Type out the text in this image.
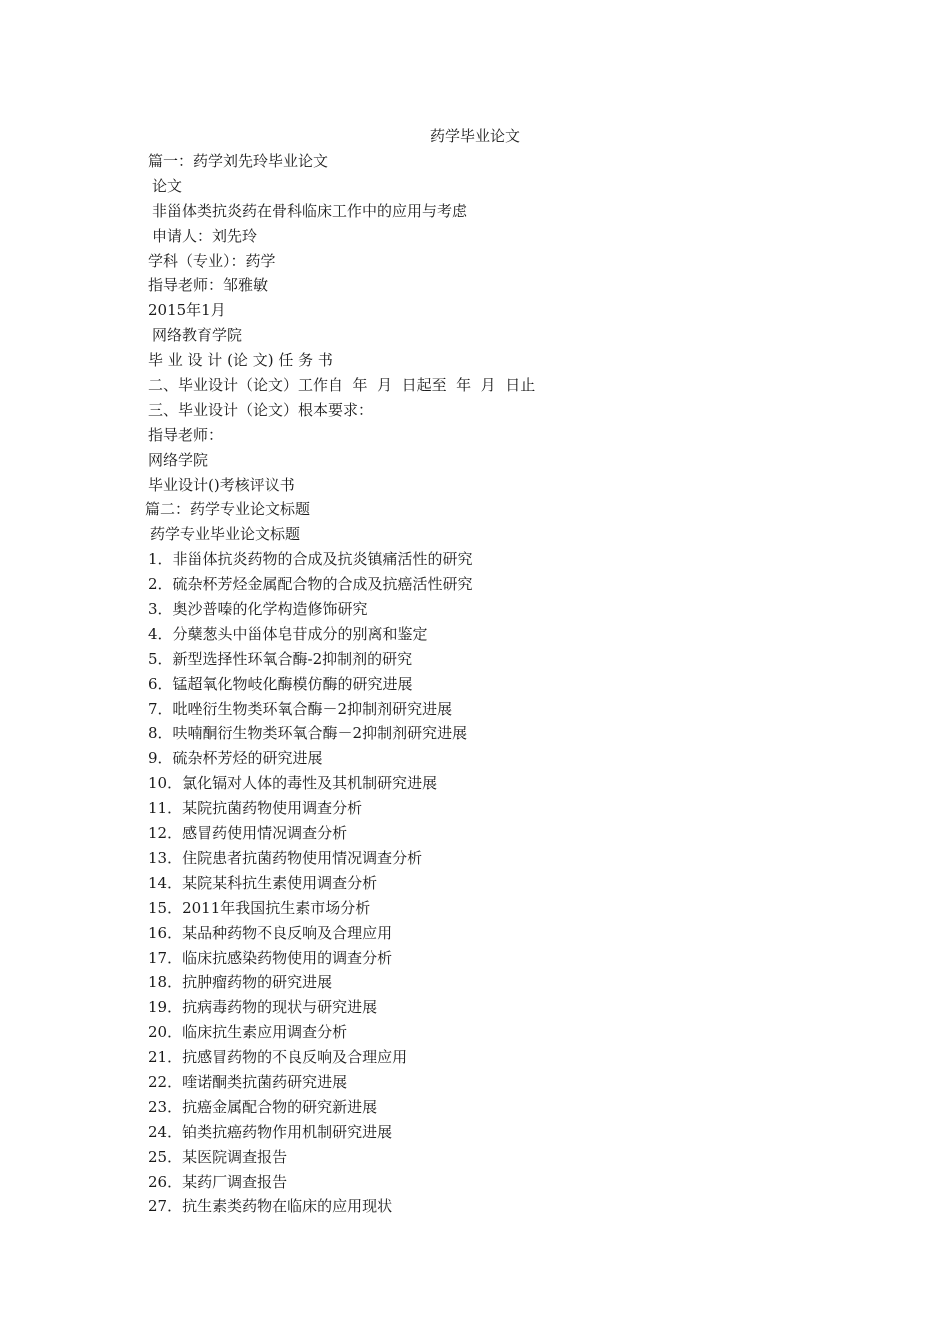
药学毕业论文
篇一：药学刘先玲毕业论文
论文
非甾体类抗炎药在骨科临床工作中的应用与考虑
申请人：刘先玲
学科（专业）：药学
指导老师：邹雅敏
2015年1月
网络教育学院
毕 业 设 计 (论 文) 任 务 书
二、毕业设计（论文）工作自  年  月  日起至  年  月  日止
三、毕业设计（论文）根本要求：
指导老师：
网络学院
毕业设计()考核评议书
篇二：药学专业论文标题
药学专业毕业论文标题
1．非甾体抗炎药物的合成及抗炎镇痛活性的研究
2．硫杂杯芳烃金属配合物的合成及抗癌活性研究
3．奥沙普嗪的化学构造修饰研究
4．分蘖葱头中甾体皂苷成分的别离和鉴定
5．新型选择性环氧合酶-2抑制剂的研究
6．锰超氧化物岐化酶模仿酶的研究进展
7．吡唑衍生物类环氧合酶－2抑制剂研究进展
8．呋喃酮衍生物类环氧合酶－2抑制剂研究进展
9．硫杂杯芳烃的研究进展
10．氯化镉对人体的毒性及其机制研究进展
11．某院抗菌药物使用调查分析
12．感冒药使用情况调查分析
13．住院患者抗菌药物使用情况调查分析
14．某院某科抗生素使用调查分析
15．2011年我国抗生素市场分析
16．某品种药物不良反响及合理应用
17．临床抗感染药物使用的调查分析
18．抗肿瘤药物的研究进展
19．抗病毒药物的现状与研究进展
20．临床抗生素应用调查分析
21．抗感冒药物的不良反响及合理应用
22．喹诺酮类抗菌药研究进展
23．抗癌金属配合物的研究新进展
24．铂类抗癌药物作用机制研究进展
25．某医院调查报告
26．某药厂调查报告
27．抗生素类药物在临床的应用现状
